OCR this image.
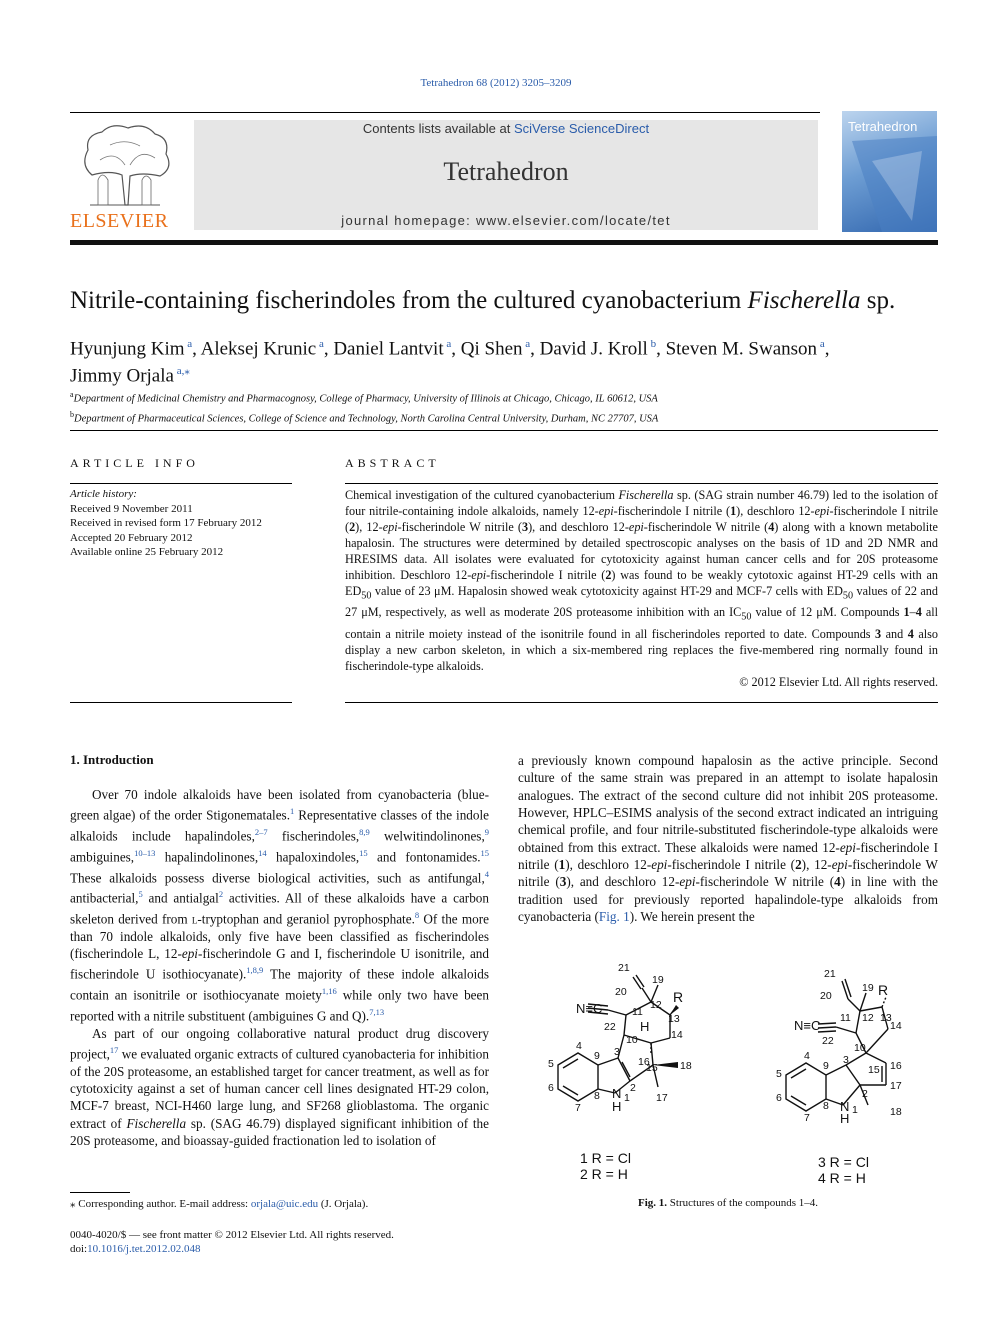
Tetrahedron 68 (2012) 3205–3209
ELSEVIER
Contents lists available at SciVerse ScienceDirect
Tetrahedron
journal homepage: www.elsevier.com/locate/tet
Tetrahedron
Nitrile-containing fischerindoles from the cultured cyanobacterium Fischerella sp.
Hyunjung Kim $^a$, Aleksej Krunic $^a$, Daniel Lantvit $^a$, Qi Shen $^a$, David J. Kroll $^b$, Steven M. Swanson $^a$,
Jimmy Orjala $^{a,⁎}$
$^a$Department of Medicinal Chemistry and Pharmacognosy, College of Pharmacy, University of Illinois at Chicago, Chicago, IL 60612, USA
$^b$Department of Pharmaceutical Sciences, College of Science and Technology, North Carolina Central University, Durham, NC 27707, USA
ARTICLE INFO
Article history:
Received 9 November 2011
Received in revised form 17 February 2012
Accepted 20 February 2012
Available online 25 February 2012
ABSTRACT
Chemical investigation of the cultured cyanobacterium Fischerella sp. (SAG strain number 46.79) led to the isolation of four nitrile-containing indole alkaloids, namely 12-epi-fischerindole I nitrile (1), deschloro 12-epi-fischerindole I nitrile (2), 12-epi-fischerindole W nitrile (3), and deschloro 12-epi-fischerindole W nitrile (4) along with a known metabolite hapalosin. The structures were determined by detailed spectroscopic analyses on the basis of 1D and 2D NMR and HRESIMS data. All isolates were evaluated for cytotoxicity against human cancer cells and for 20S proteasome inhibition. Deschloro 12-epi-fischerindole I nitrile (2) was found to be weakly cytotoxic against HT-29 cells with an $ED_{50}$ value of 23 μM. Hapalosin showed weak cytotoxicity against HT-29 and MCF-7 cells with $ED_{50}$ values of 22 and 27 μM, respectively, as well as moderate 20S proteasome inhibition with an $IC_{50}$ value of 12 μM. Compounds 1–4 all contain a nitrile moiety instead of the isonitrile found in all fischerindoles reported to date. Compounds 3 and 4 also display a new carbon skeleton, in which a six-membered ring replaces the five-membered ring normally found in fischerindole-type alkaloids.
© 2012 Elsevier Ltd. All rights reserved.
1. Introduction

Over 70 indole alkaloids have been isolated from cyanobacteria (blue-green algae) of the order Stigonematales.$^1$ Representative classes of the indole alkaloids include hapalindoles,$^{2-7}$ fischerindoles,$^{8,9}$ welwitindolinones,$^9$ ambiguines,$^{10-13}$ hapalindolinones,$^{14}$ hapaloxindoles,$^{15}$ and fontonamides.$^{15}$ These alkaloids possess diverse biological activities, such as antifungal,$^4$ antibacterial,$^5$ and antialgal$^2$ activities. All of these alkaloids have a carbon skeleton derived from l-tryptophan and geraniol pyrophosphate.$^8$ Of the more than 70 indole alkaloids, only five have been classified as fischerindoles (fischerindole L, 12-epi-fischerindole G and I, fischerindole U isonitrile, and fischerindole U isothiocyanate).$^{1,8,9}$ The majority of these indole alkaloids contain an isonitrile or isothiocyanate moiety$^{1,16}$ while only two have been reported with a nitrile substituent (ambiguines G and Q).$^{7,13}$

As part of our ongoing collaborative natural product drug discovery project,$^{17}$ we evaluated organic extracts of cultured cyanobacteria for inhibition of the 20S proteasome, an established target for cancer treatment, as well as for cytotoxicity against a set of human cancer cell lines designated HT-29 colon, MCF-7 breast, NCI-H460 large lung, and SF268 glioblastoma. The organic extract of Fischerella sp. (SAG 46.79) displayed significant inhibition of the 20S proteasome, and bioassay-guided fractionation led to isolation of

a previously known compound hapalosin as the active principle. Second culture of the same strain was prepared in an attempt to isolate hapalosin analogues. The extract of the second culture did not inhibit 20S proteasome. However, HPLC–ESIMS analysis of the second extract indicated an intriguing chemical profile, and four nitrile-substituted fischerindole-type alkaloids were obtained from this extract. These alkaloids were named 12-epi-fischerindole I nitrile (1), deschloro 12-epi-fischerindole I nitrile (2), 12-epi-fischerindole W nitrile (3), and deschloro 12-epi-fischerindole W nitrile (4) in line with the tradition used for previously reported hapalindole-type alkaloids from cyanobacteria (Fig. 1). We herein present the

21
19
20
12 R
11
N≡C
22
13
H
10	14
4
9 3
15
16
5	18
6
8
2
17
7
N
H
1
1 R = Cl
2 R = H
21
19
20	R
12 13
11
14
N≡C
22
10
4
9 3
15 16
5
17
6
8
2
7
N
H
1	18
3 R = Cl
4 R = H
Fig. 1. Structures of the compounds 1–4.
⁎ Corresponding author. E-mail address: orjala@uic.edu (J. Orjala).
0040-4020/$ — see front matter © 2012 Elsevier Ltd. All rights reserved.
doi:10.1016/j.tet.2012.02.048
